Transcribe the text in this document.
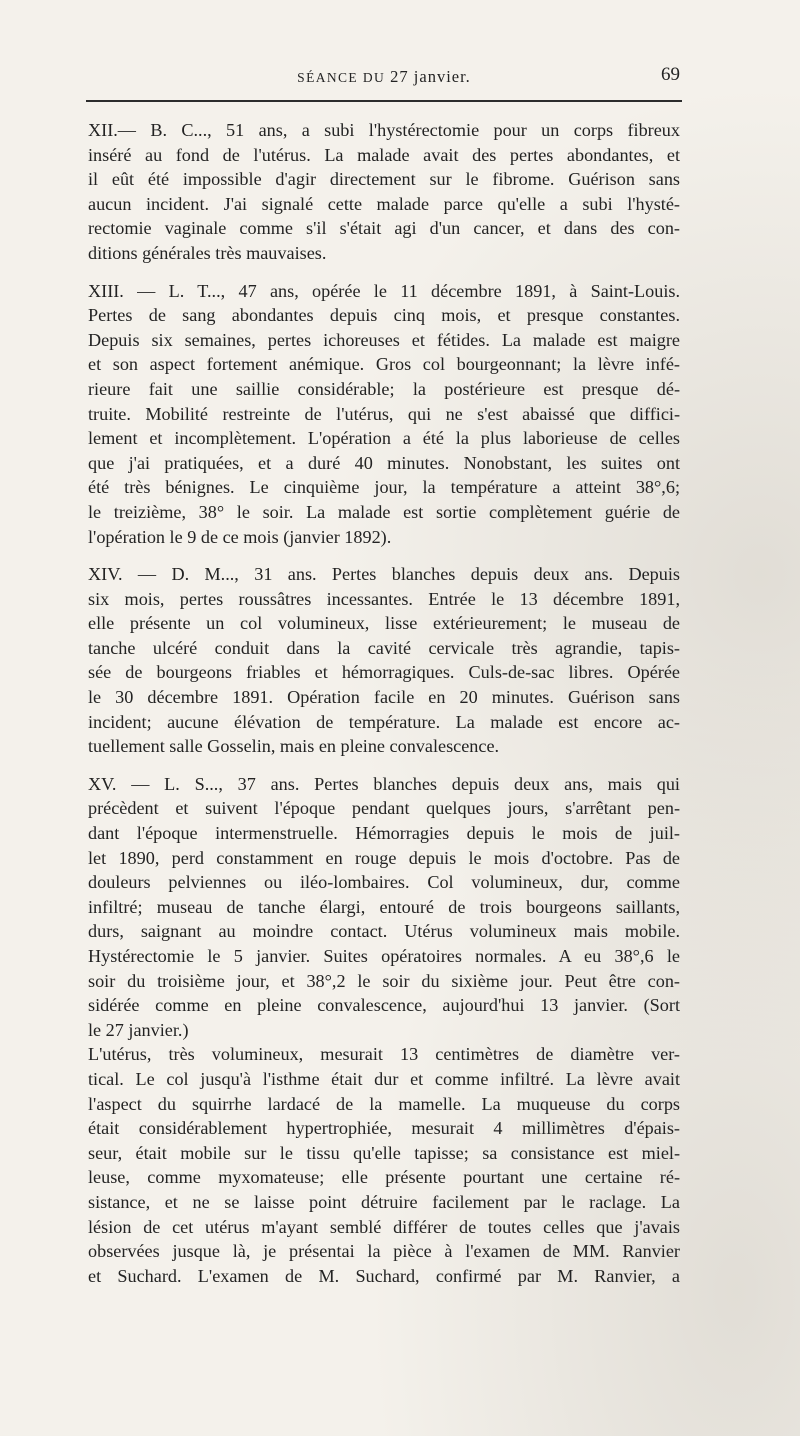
SÉANCE DU 27 janvier.	69
XII.— B. C..., 51 ans, a subi l'hystérectomie pour un corps fibreux
inséré au fond de l'utérus. La malade avait des pertes abondantes, et
il eût été impossible d'agir directement sur le fibrome. Guérison sans
aucun incident. J'ai signalé cette malade parce qu'elle a subi l'hysté-
rectomie vaginale comme s'il s'était agi d'un cancer, et dans des con-
ditions générales très mauvaises.
XIII. — L. T..., 47 ans, opérée le 11 décembre 1891, à Saint-Louis.
Pertes de sang abondantes depuis cinq mois, et presque constantes.
Depuis six semaines, pertes ichoreuses et fétides. La malade est maigre
et son aspect fortement anémique. Gros col bourgeonnant; la lèvre infé-
rieure fait une saillie considérable; la postérieure est presque dé-
truite. Mobilité restreinte de l'utérus, qui ne s'est abaissé que diffici-
lement et incomplètement. L'opération a été la plus laborieuse de celles
que j'ai pratiquées, et a duré 40 minutes. Nonobstant, les suites ont
été très bénignes. Le cinquième jour, la température a atteint 38°,6;
le treizième, 38° le soir. La malade est sortie complètement guérie de
l'opération le 9 de ce mois (janvier 1892).
XIV. — D. M..., 31 ans. Pertes blanches depuis deux ans. Depuis
six mois, pertes roussâtres incessantes. Entrée le 13 décembre 1891,
elle présente un col volumineux, lisse extérieurement; le museau de
tanche ulcéré conduit dans la cavité cervicale très agrandie, tapis-
sée de bourgeons friables et hémorragiques. Culs-de-sac libres. Opérée
le 30 décembre 1891. Opération facile en 20 minutes. Guérison sans
incident; aucune élévation de température. La malade est encore ac-
tuellement salle Gosselin, mais en pleine convalescence.
XV. — L. S..., 37 ans. Pertes blanches depuis deux ans, mais qui
précèdent et suivent l'époque pendant quelques jours, s'arrêtant pen-
dant l'époque intermenstruelle. Hémorragies depuis le mois de juil-
let 1890, perd constamment en rouge depuis le mois d'octobre. Pas de
douleurs pelviennes ou iléo-lombaires. Col volumineux, dur, comme
infiltré; museau de tanche élargi, entouré de trois bourgeons saillants,
durs, saignant au moindre contact. Utérus volumineux mais mobile.
Hystérectomie le 5 janvier. Suites opératoires normales. A eu 38°,6 le
soir du troisième jour, et 38°,2 le soir du sixième jour. Peut être con-
sidérée comme en pleine convalescence, aujourd'hui 13 janvier. (Sort
le 27 janvier.)
L'utérus, très volumineux, mesurait 13 centimètres de diamètre ver-
tical. Le col jusqu'à l'isthme était dur et comme infiltré. La lèvre avait
l'aspect du squirrhe lardacé de la mamelle. La muqueuse du corps
était considérablement hypertrophiée, mesurait 4 millimètres d'épais-
seur, était mobile sur le tissu qu'elle tapisse; sa consistance est miel-
leuse, comme myxomateuse; elle présente pourtant une certaine ré-
sistance, et ne se laisse point détruire facilement par le raclage. La
lésion de cet utérus m'ayant semblé différer de toutes celles que j'avais
observées jusque là, je présentai la pièce à l'examen de MM. Ranvier
et Suchard. L'examen de M. Suchard, confirmé par M. Ranvier, a
